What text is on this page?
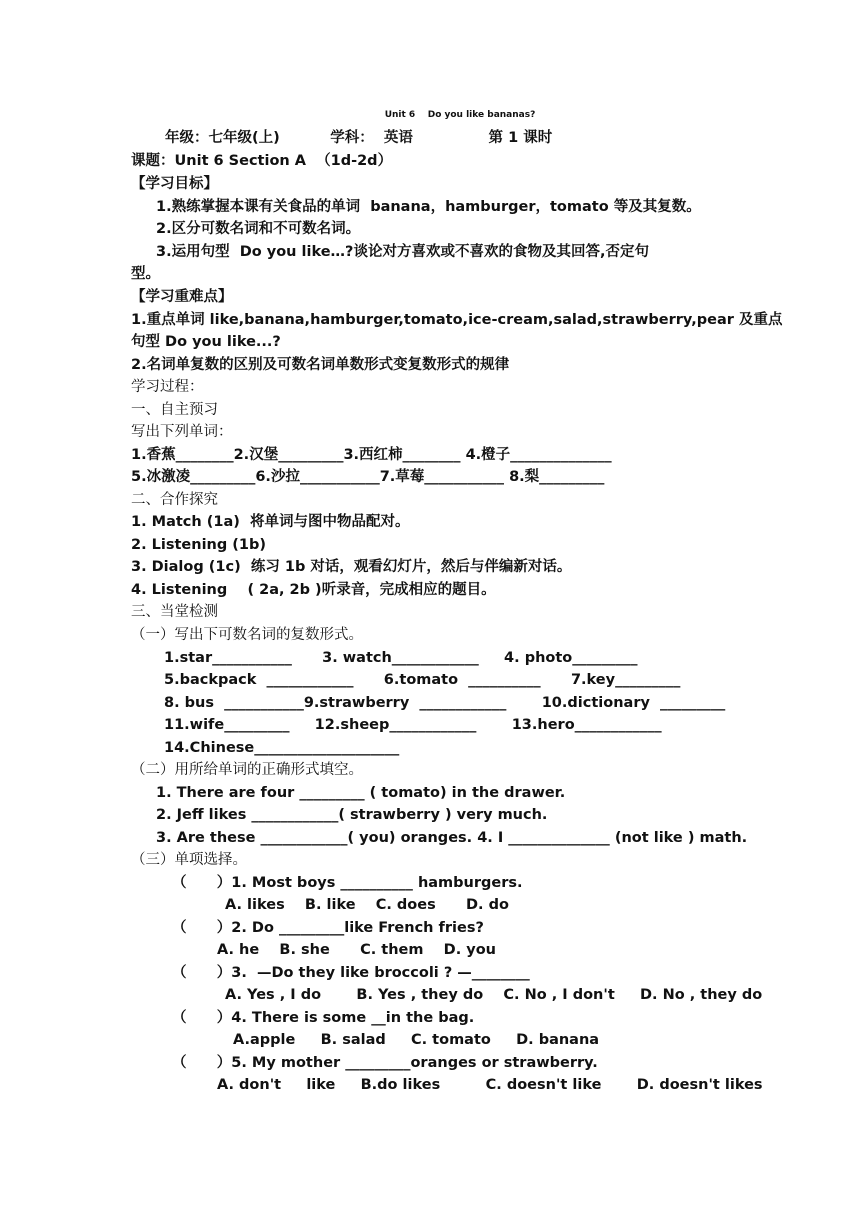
Unit 6    Do you like bananas?
年级：七年级(上)          学科：  英语               第 1 课时
课题：Unit 6 Section A  （1d-2d）
【学习目标】
1.熟练掌握本课有关食品的单词  banana，hamburger，tomato 等及其复数。
2.区分可数名词和不可数名词。
3.运用句型  Do you like…?谈论对方喜欢或不喜欢的食物及其回答,否定句
型。
【学习重难点】
1.重点单词 like,banana,hamburger,tomato,ice-cream,salad,strawberry,pear 及重点
句型 Do you like...?
2.名词单复数的区别及可数名词单数形式变复数形式的规律
学习过程：
一、自主预习
写出下列单词：
1.香蕉________2.汉堡_________3.西红柿________ 4.橙子______________
5.冰激凌_________6.沙拉___________7.草莓___________ 8.梨_________
二、合作探究
1. Match (1a)  将单词与图中物品配对。
2. Listening (1b)
3. Dialog (1c)  练习 1b 对话，观看幻灯片，然后与伴编新对话。
4. Listening    ( 2a, 2b )听录音，完成相应的题目。
三、当堂检测
（一）写出下可数名词的复数形式。
1.star___________      3. watch____________     4. photo_________
5.backpack  ____________      6.tomato  __________      7.key_________
8. bus  ___________9.strawberry  ____________       10.dictionary  _________
11.wife_________     12.sheep____________       13.hero____________
14.Chinese____________________
（二）用所给单词的正确形式填空。
1. There are four _________ ( tomato) in the drawer.
2. Jeff likes ____________( strawberry ) very much.
3. Are these ____________( you) oranges. 4. I ______________ (not like ) math.
（三）单项选择。
（      ）1. Most boys __________ hamburgers.
A. likes    B. like    C. does      D. do
（      ）2. Do _________like French fries?
A. he    B. she      C. them    D. you
（      ）3.  —Do they like broccoli ? —________
A. Yes , I do       B. Yes , they do    C. No , I don't     D. No , they do
（      ）4. There is some __in the bag.
A.apple     B. salad     C. tomato     D. banana
（      ）5. My mother _________oranges or strawberry.
A. don't     like     B.do likes         C. doesn't like       D. doesn't likes
